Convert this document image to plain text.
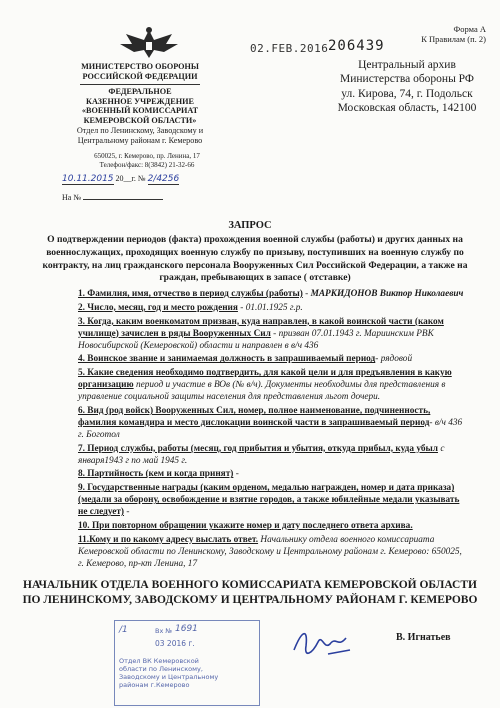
Форма А
К Правилам (п. 2)
02.FEB.2016 206439
Центральный архив
Министерства обороны РФ
ул. Кирова, 74, г. Подольск
Московская область, 142100
МИНИСТЕРСТВО ОБОРОНЫ
РОССИЙСКОЙ ФЕДЕРАЦИИ
ФЕДЕРАЛЬНОЕ
КАЗЕННОЕ УЧРЕЖДЕНИЕ
«ВОЕННЫЙ КОМИССАРИАТ
КЕМЕРОВСКОЙ ОБЛАСТИ»
Отдел по Ленинскому, Заводскому и
Центральному районам г. Кемерово
650025, г. Кемерово, пр. Ленина, 17
Телефон/факс: 8(3842) 21-32-66
10.11.2015 20__г. № 2/4256
На №
ЗАПРОС
О подтверждении периодов (факта) прохождения военной службы (работы) и других данных на военнослужащих, проходящих военную службу по призыву, поступивших на военную службу по контракту, на лиц гражданского персонала Вооруженных Сил Российской Федерации, а также на граждан, пребывающих в запасе ( отставке)
1. Фамилия, имя, отчество в период службы (работы) - МАРКИДОНОВ Виктор Николаевич
2. Число, месяц, год и место рождения - 01.01.1925 г.р.
3. Когда, каким военкоматом призван, куда направлен, в какой воинской части (каком училище) зачислен в ряды Вооруженных Сил - призван 07.01.1943 г. Мариинским РВК Новосибирской (Кемеровской) области и направлен в в/ч 436
4. Воинское звание и занимаемая должность в запрашиваемый период- рядовой
5. Какие сведения необходимо подтвердить, для какой цели и для предъявления в какую организацию период и участие в ВОв (№ в/ч). Документы необходимы для представления в управление социальной защиты населения для представления льгот дочери.
6. Вид (род войск) Вооруженных Сил, номер, полное наименование, подчиненность, фамилия командира и место дислокации воинской части в запрашиваемый период- в/ч 436 г. Боготол
7. Период службы, работы (месяц, год прибытия и убытия, откуда прибыл, куда убыл с января1943 г по май 1945 г.
8. Партийность (кем и когда принят) -
9. Государственные награды (каким орденом, медалью награжден, номер и дата приказа) (медали за оборону, освобождение и взятие городов, а также юбилейные медали указывать не следует) -
10. При повторном обращении укажите номер и дату последнего ответа архива.
11.Кому и по какому адресу выслать ответ. Начальнику отдела военного комиссариата Кемеровской области по Ленинскому, Заводскому и Центральному районам г. Кемерово: 650025, г. Кемерово, пр-кт Ленина, 17
НАЧАЛЬНИК ОТДЕЛА ВОЕННОГО КОМИССАРИАТА КЕМЕРОВСКОЙ ОБЛАСТИ ПО ЛЕНИНСКОМУ, ЗАВОДСКОМУ И ЦЕНТРАЛЬНОМУ РАЙОНАМ Г. КЕМЕРОВО
В. Игнатьев
/1	Вх № 1691
03 2016 г.
Отдел ВК Кемеровской
области по Ленинскому,
Заводскому и Центральному
районам г.Кемерово
